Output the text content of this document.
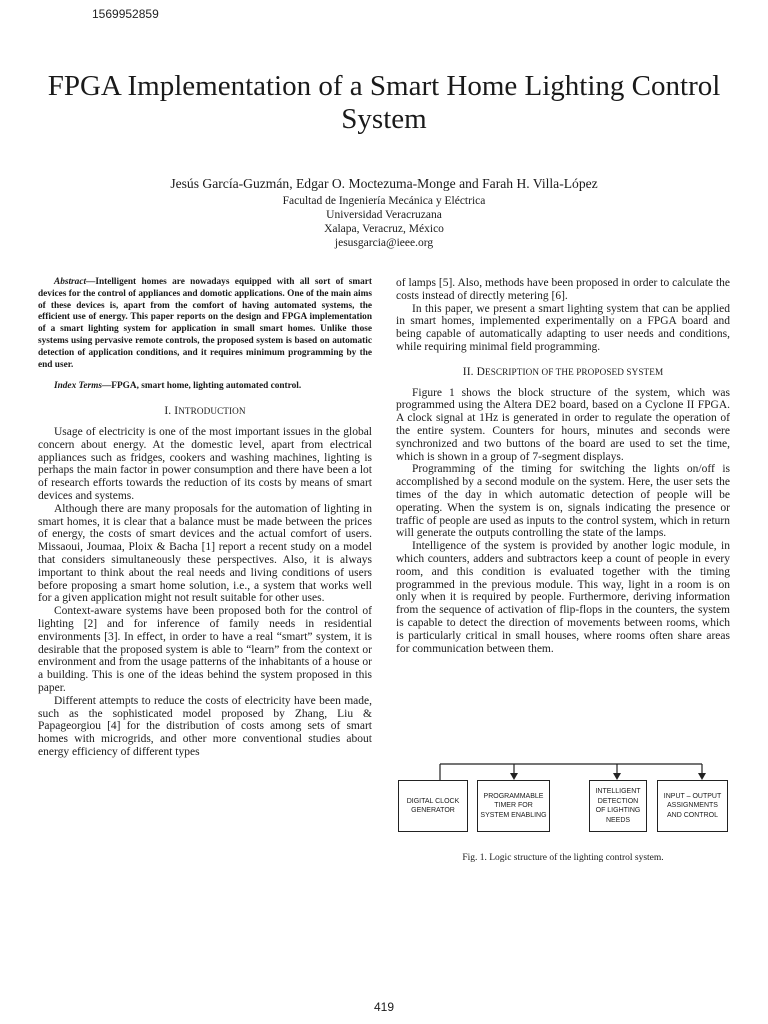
1569952859
FPGA Implementation of a Smart Home Lighting Control System
Jesús García-Guzmán, Edgar O. Moctezuma-Monge and Farah H. Villa-López
Facultad de Ingeniería Mecánica y Eléctrica
Universidad Veracruzana
Xalapa, Veracruz, México
jesusgarcia@ieee.org

Abstract—Intelligent homes are nowadays equipped with all sort of smart devices for the control of appliances and domotic applications. One of the main aims of these devices is, apart from the comfort of having automated systems, the efficient use of energy. This paper reports on the design and FPGA implementation of a smart lighting system for application in small smart homes. Unlike those systems using pervasive remote controls, the proposed system is based on automatic detection of application conditions, and it requires minimum programming by the end user.

Index Terms—FPGA, smart home, lighting automated control.

I. INTRODUCTION

Usage of electricity is one of the most important issues in the global concern about energy. At the domestic level, apart from electrical appliances such as fridges, cookers and washing machines, lighting is perhaps the main factor in power consumption and there have been a lot of research efforts towards the reduction of its costs by means of smart devices and systems.

Although there are many proposals for the automation of lighting in smart homes, it is clear that a balance must be made between the prices of energy, the costs of smart devices and the actual comfort of users. Missaoui, Joumaa, Ploix & Bacha [1] report a recent study on a model that considers simultaneously these perspectives. Also, it is always important to think about the real needs and living conditions of users before proposing a smart home solution, i.e., a system that works well for a given application might not result suitable for other uses.

Context-aware systems have been proposed both for the control of lighting [2] and for inference of family needs in residential environments [3]. In effect, in order to have a real “smart” system, it is desirable that the proposed system is able to “learn” from the context or environment and from the usage patterns of the inhabitants of a house or a building. This is one of the ideas behind the system proposed in this paper.

Different attempts to reduce the costs of electricity have been made, such as the sophisticated model proposed by Zhang, Liu & Papageorgiou [4] for the distribution of costs among sets of smart homes with microgrids, and other more conventional studies about energy efficiency of different types

of lamps [5]. Also, methods have been proposed in order to calculate the costs instead of directly metering [6].

In this paper, we present a smart lighting system that can be applied in smart homes, implemented experimentally on a FPGA board and being capable of automatically adapting to user needs and conditions, while requiring minimal field programming.

II. DESCRIPTION OF THE PROPOSED SYSTEM

Figure 1 shows the block structure of the system, which was programmed using the Altera DE2 board, based on a Cyclone II FPGA. A clock signal at 1Hz is generated in order to regulate the operation of the entire system. Counters for hours, minutes and seconds were synchronized and two buttons of the board are used to set the time, which is shown in a group of 7-segment displays.

Programming of the timing for switching the lights on/off is accomplished by a second module on the system. Here, the user sets the times of the day in which automatic detection of people will be operating. When the system is on, signals indicating the presence or traffic of people are used as inputs to the control system, which in return will generate the outputs controlling the state of the lamps.

Intelligence of the system is provided by another logic module, in which counters, adders and subtractors keep a count of people in every room, and this condition is evaluated together with the timing programmed in the previous module. This way, light in a room is on only when it is required by people. Furthermore, deriving information from the sequence of activation of flip-flops in the counters, the system is capable to detect the direction of movements between rooms, which is particularly critical in small houses, where rooms often share areas for communication between them.

DIGITAL CLOCK GENERATOR
PROGRAMMABLE TIMER FOR SYSTEM ENABLING
INTELLIGENT DETECTION OF LIGHTING NEEDS
INPUT – OUTPUT ASSIGNMENTS AND CONTROL
Fig. 1. Logic structure of the lighting control system.
419
